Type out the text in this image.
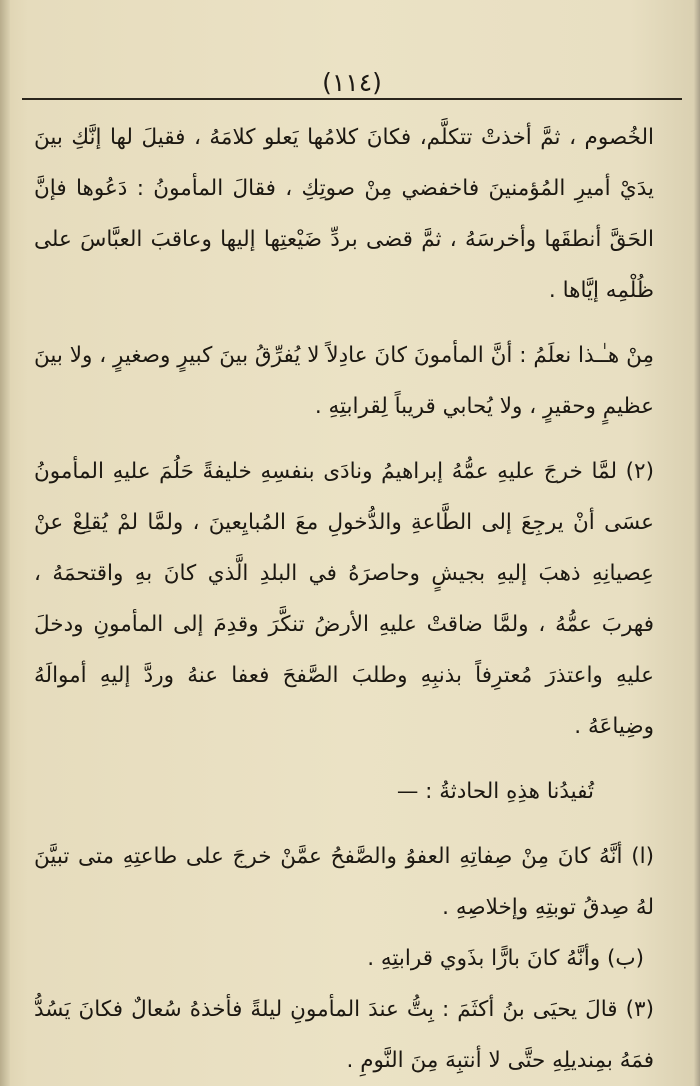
(١١٤)

الخُصوم ، ثمَّ أخذتْ تتكلَّم، فكانَ كلامُها يَعلو كلامَهُ ، فقيلَ لها إنَّكِ بينَ يدَيْ أميرِ المُؤمنينَ فاخفضي مِنْ صوتِكِ ، فقالَ المأمونُ : دَعُوها فإنَّ الحَقَّ أنطقَها وأخرسَهُ ، ثمَّ قضى بردِّ ضَيْعتِها إليها وعاقبَ العبَّاسَ على ظُلْمِه إيَّاها .

مِنْ هـٰـذا نعلَمُ : أنَّ المأمونَ كانَ عادِلاً لا يُفرِّقُ بينَ كبيرٍ وصغيرٍ ، ولا بينَ عظيمٍ وحقيرٍ ، ولا يُحابي قريباً لِقرابتِهِ .

(٢) لمَّا خرجَ عليهِ عمُّهُ إبراهيمُ ونادَى بنفسِهِ خليفةً حَلُمَ عليهِ المأمونُ عسَى أنْ يرجِعَ إلى الطَّاعةِ والدُّخولِ معَ المُبايِعينَ ، ولمَّا لمْ يُقلِعْ عنْ عِصيانِهِ ذهبَ إليهِ بجيشٍ وحاصرَهُ في البلدِ الَّذي كانَ بهِ واقتحمَهُ ، فهربَ عمُّهُ ، ولمَّا ضاقتْ عليهِ الأرضُ تنكَّرَ وقدِمَ إلى المأمونِ ودخلَ عليهِ واعتذرَ مُعترِفاً بذنبِهِ وطلبَ الصَّفحَ فعفا عنهُ وردَّ إليهِ أموالَهُ وضِياعَهُ .

تُفيدُنا هذِهِ الحادثةُ : —

(ا) أنَّهُ كانَ مِنْ صِفاتِهِ العفوُ والصَّفحُ عمَّنْ خرجَ على طاعتِهِ متى تبيَّنَ لهُ صِدقُ توبتِهِ وإخلاصِهِ .

(ب) وأنَّهُ كانَ بارًّا بذَوي قرابتِهِ .

(٣) قالَ يحيَى بنُ أكثَمَ : بِتُّ عندَ المأمونِ ليلةً فأخذهُ سُعالٌ فكانَ يَسُدُّ فمَهُ بمِنديلِهِ حتَّى لا أنتبِهَ مِنَ النَّومِ .
